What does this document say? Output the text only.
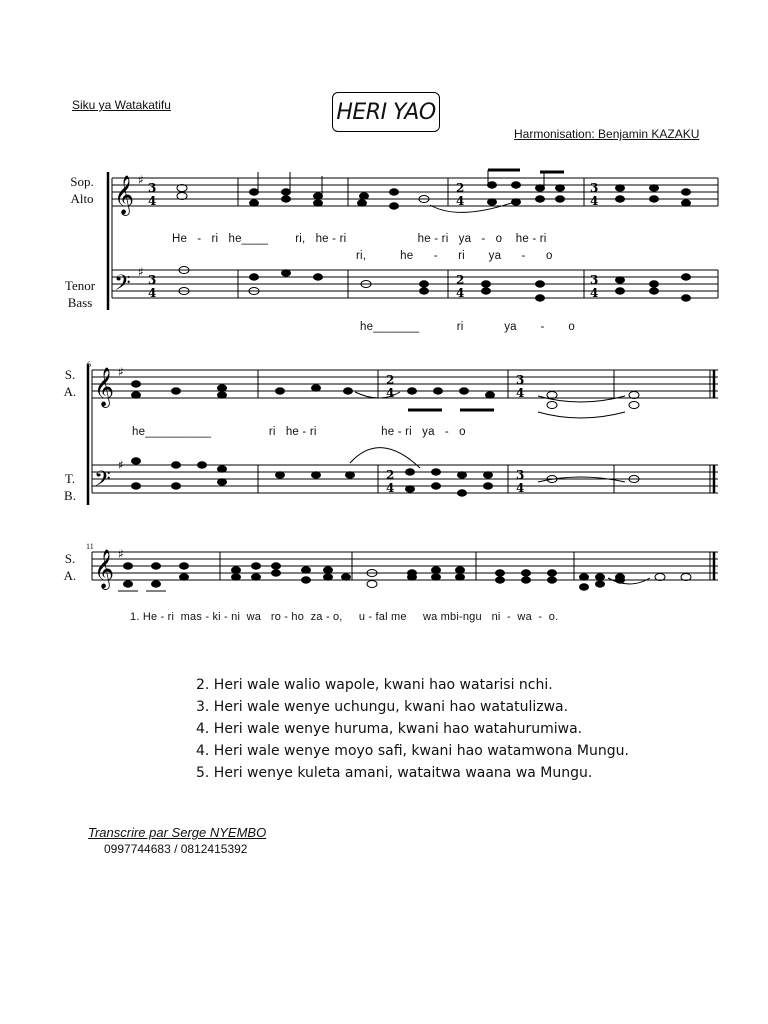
Siku ya Watakatifu	HERI YAO
Harmonisation: Benjamin KAZAKU
Sop.
Alto
Tenor
Bass
S.
A.
T.
B.
S.
A.
𝄞
𝄢
𝄞
𝄢
𝄞
♯
♯
♯
♯
♯
3
4
3
4
2
4
2
4
3
4
3
4
2
4
2
4
3
4
3
4
6
11
He   -   ri   he____        ri,   he - ri                     he - ri   ya   -   o    he - ri
ri,          he      -      ri       ya      -      o
he_______           ri            ya       -       o
he__________                 ri   he - ri                   he - ri   ya   -   o
1. He - ri  mas - ki - ni  wa   ro - ho  za - o,     u - fal me     wa mbi-ngu   ni  -  wa  -  o.
2. Heri wale walio wapole, kwani hao watarisi nchi.
3. Heri wale wenye uchungu, kwani hao watatulizwa.
4. Heri wale wenye huruma, kwani hao watahurumiwa.
4. Heri wale wenye moyo safi, kwani hao watamwona Mungu.
5. Heri wenye kuleta amani, wataitwa waana wa Mungu.
Transcrire par Serge NYEMBO
0997744683 / 0812415392
